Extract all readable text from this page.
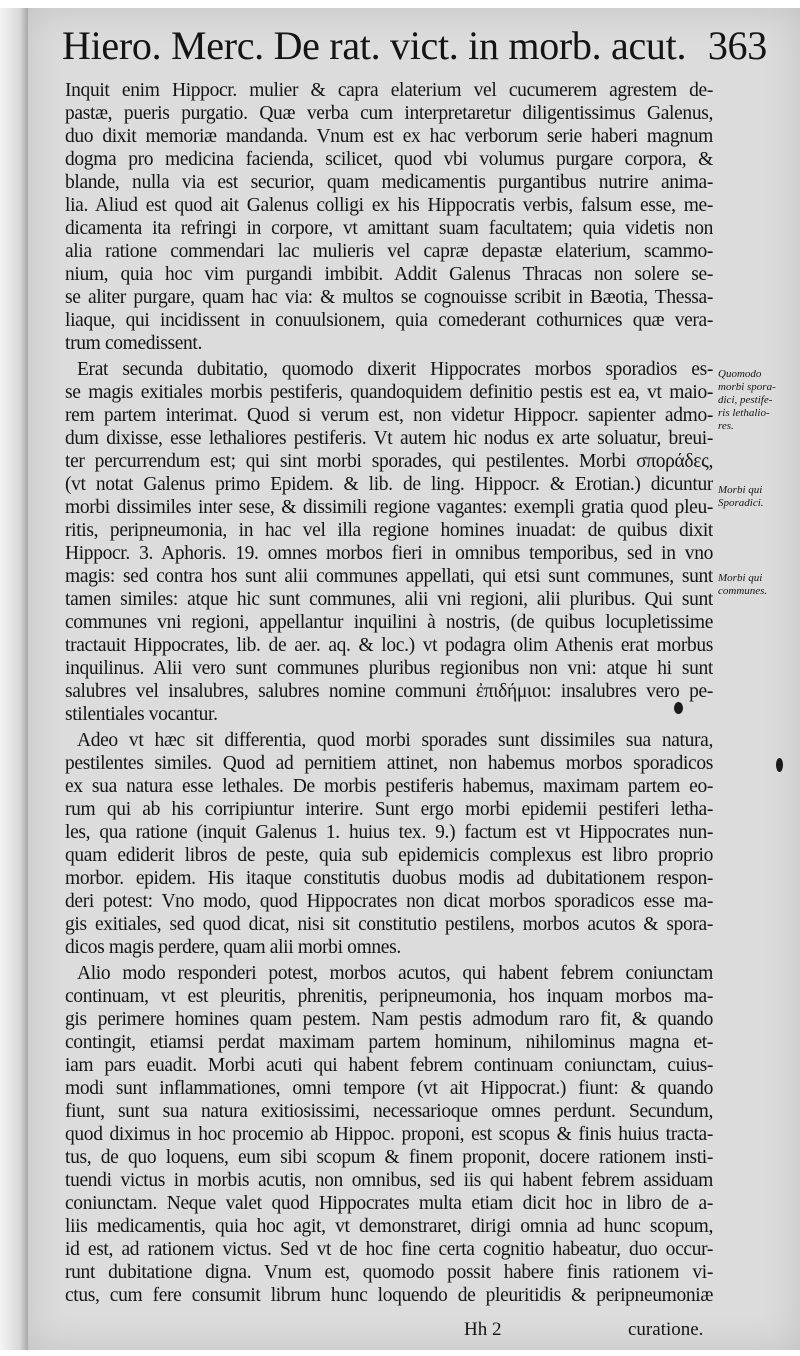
Hiero. Merc. De rat. vict. in morb. acut. 363
Inquit enim Hippocr. mulier & capra elaterium vel cucumerem agrestem de-
pastæ, pueris purgatio. Quæ verba cum interpretaretur diligentissimus Galenus,
duo dixit memoriæ mandanda. Vnum est ex hac verborum serie haberi magnum
dogma pro medicina facienda, scilicet, quod vbi volumus purgare corpora, &
blande, nulla via est securior, quam medicamentis purgantibus nutrire anima-
lia. Aliud est quod ait Galenus colligi ex his Hippocratis verbis, falsum esse, me-
dicamenta ita refringi in corpore, vt amittant suam facultatem; quia videtis non
alia ratione commendari lac mulieris vel capræ depastæ elaterium, scammo-
nium, quia hoc vim purgandi imbibit. Addit Galenus Thracas non solere se-
se aliter purgare, quam hac via: & multos se cognouisse scribit in Bæotia, Thessa-
liaque, qui incidissent in conuulsionem, quia comederant cothurnices quæ vera-
trum comedissent.
Erat secunda dubitatio, quomodo dixerit Hippocrates morbos sporadios es-
se magis exitiales morbis pestiferis, quandoquidem definitio pestis est ea, vt maio-
rem partem interimat. Quod si verum est, non videtur Hippocr. sapienter admo-
dum dixisse, esse lethaliores pestiferis. Vt autem hic nodus ex arte soluatur, breui-
ter percurrendum est; qui sint morbi sporades, qui pestilentes. Morbi σποράδες,
(vt notat Galenus primo Epidem. & lib. de ling. Hippocr. & Erotian.) dicuntur
morbi dissimiles inter sese, & dissimili regione vagantes: exempli gratia quod pleu-
ritis, peripneumonia, in hac vel illa regione homines inuadat: de quibus dixit
Hippocr. 3. Aphoris. 19. omnes morbos fieri in omnibus temporibus, sed in vno
magis: sed contra hos sunt alii communes appellati, qui etsi sunt communes, sunt
tamen similes: atque hic sunt communes, alii vni regioni, alii pluribus. Qui sunt
communes vni regioni, appellantur inquilini à nostris, (de quibus locupletissime
tractauit Hippocrates, lib. de aer. aq. & loc.) vt podagra olim Athenis erat morbus
inquilinus. Alii vero sunt communes pluribus regionibus non vni: atque hi sunt
salubres vel insalubres, salubres nomine communi ἐπιδήμιοι: insalubres vero pe-
stilentiales vocantur.
Adeo vt hæc sit differentia, quod morbi sporades sunt dissimiles sua natura,
pestilentes similes. Quod ad pernitiem attinet, non habemus morbos sporadicos
ex sua natura esse lethales. De morbis pestiferis habemus, maximam partem eo-
rum qui ab his corripiuntur interire. Sunt ergo morbi epidemii pestiferi letha-
les, qua ratione (inquit Galenus 1. huius tex. 9.) factum est vt Hippocrates nun-
quam ediderit libros de peste, quia sub epidemicis complexus est libro proprio
morbor. epidem. His itaque constitutis duobus modis ad dubitationem respon-
deri potest: Vno modo, quod Hippocrates non dicat morbos sporadicos esse ma-
gis exitiales, sed quod dicat, nisi sit constitutio pestilens, morbos acutos & spora-
dicos magis perdere, quam alii morbi omnes.
Alio modo responderi potest, morbos acutos, qui habent febrem coniunctam
continuam, vt est pleuritis, phrenitis, peripneumonia, hos inquam morbos ma-
gis perimere homines quam pestem. Nam pestis admodum raro fit, & quando
contingit, etiamsi perdat maximam partem hominum, nihilominus magna et-
iam pars euadit. Morbi acuti qui habent febrem continuam coniunctam, cuius-
modi sunt inflammationes, omni tempore (vt ait Hippocrat.) fiunt: & quando
fiunt, sunt sua natura exitiosissimi, necessarioque omnes perdunt. Secundum,
quod diximus in hoc procemio ab Hippoc. proponi, est scopus & finis huius tracta-
tus, de quo loquens, eum sibi scopum & finem proponit, docere rationem insti-
tuendi victus in morbis acutis, non omnibus, sed iis qui habent febrem assiduam
coniunctam. Neque valet quod Hippocrates multa etiam dicit hoc in libro de a-
liis medicamentis, quia hoc agit, vt demonstraret, dirigi omnia ad hunc scopum,
id est, ad rationem victus. Sed vt de hoc fine certa cognitio habeatur, duo occur-
runt dubitatione digna. Vnum est, quomodo possit habere finis rationem vi-
ctus, cum fere consumit librum hunc loquendo de pleuritidis & peripneumoniæ
Quomodo
morbi spora-
dici, pestife-
ris lethalio-
res.
Morbi qui
Sporadici.
Morbi qui
communes.
Hh 2	curatione.
